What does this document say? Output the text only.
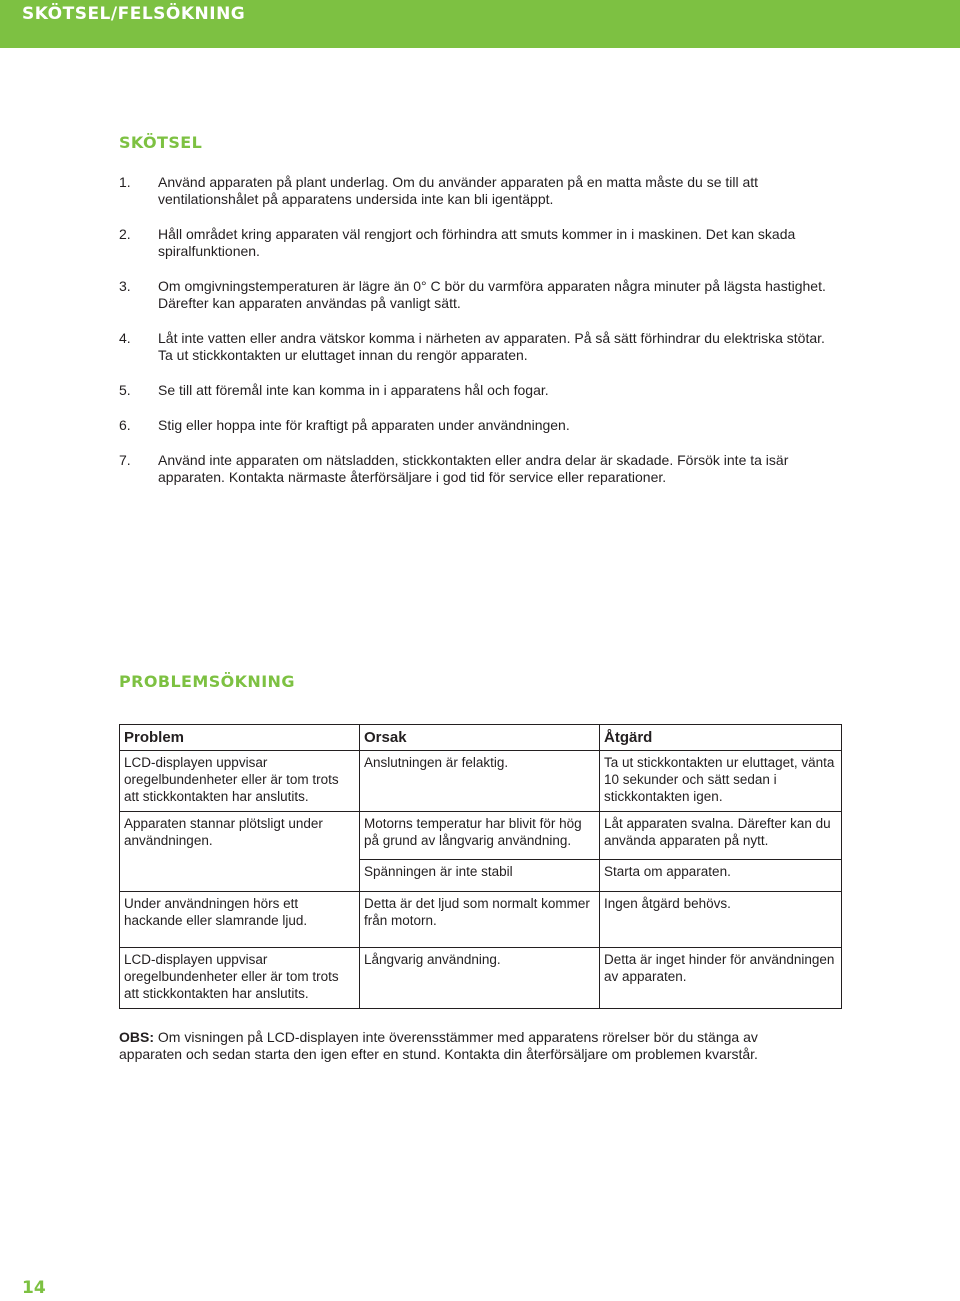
SKÖTSEL/FELSÖKNING
SKÖTSEL
1.	Använd apparaten på plant underlag. Om du använder apparaten på en matta måste du se till att ventilationshålet på apparatens undersida inte kan bli igentäppt.
2.	Håll området kring apparaten väl rengjort och förhindra att smuts kommer in i maskinen. Det kan skada spiralfunktionen.
3.	Om omgivningstemperaturen är lägre än 0° C bör du varmföra apparaten några minuter på lägsta hastighet. Därefter kan apparaten användas på vanligt sätt.
4.	Låt inte vatten eller andra vätskor komma i närheten av apparaten. På så sätt förhindrar du elektriska stötar. Ta ut stickkontakten ur eluttaget innan du rengör apparaten.
5.	Se till att föremål inte kan komma in i apparatens hål och fogar.
6.	Stig eller hoppa inte för kraftigt på apparaten under användningen.
7.	Använd inte apparaten om nätsladden, stickkontakten eller andra delar är skadade. Försök inte ta isär apparaten. Kontakta närmaste återförsäljare i god tid för service eller reparationer.
PROBLEMSÖKNING
Problem	Orsak	Åtgärd
LCD-displayen uppvisar oregelbundenheter eller är tom trots att stickkontakten har anslutits.	Anslutningen är felaktig.	Ta ut stickkontakten ur eluttaget, vänta 10 sekunder och sätt sedan i stickkontakten igen.
Apparaten stannar plötsligt under användningen.	Motorns temperatur har blivit för hög på grund av långvarig användning.	Låt apparaten svalna. Därefter kan du använda apparaten på nytt.
	Spänningen är inte stabil	Starta om apparaten.
Under användningen hörs ett hackande eller slamrande ljud.	Detta är det ljud som normalt kommer från motorn.	Ingen åtgärd behövs.
LCD-displayen uppvisar oregelbundenheter eller är tom trots att stickkontakten har anslutits.	Långvarig användning.	Detta är inget hinder för användningen av apparaten.

OBS: Om visningen på LCD-displayen inte överensstämmer med apparatens rörelser bör du stänga av apparaten och sedan starta den igen efter en stund. Kontakta din återförsäljare om problemen kvarstår.

14
